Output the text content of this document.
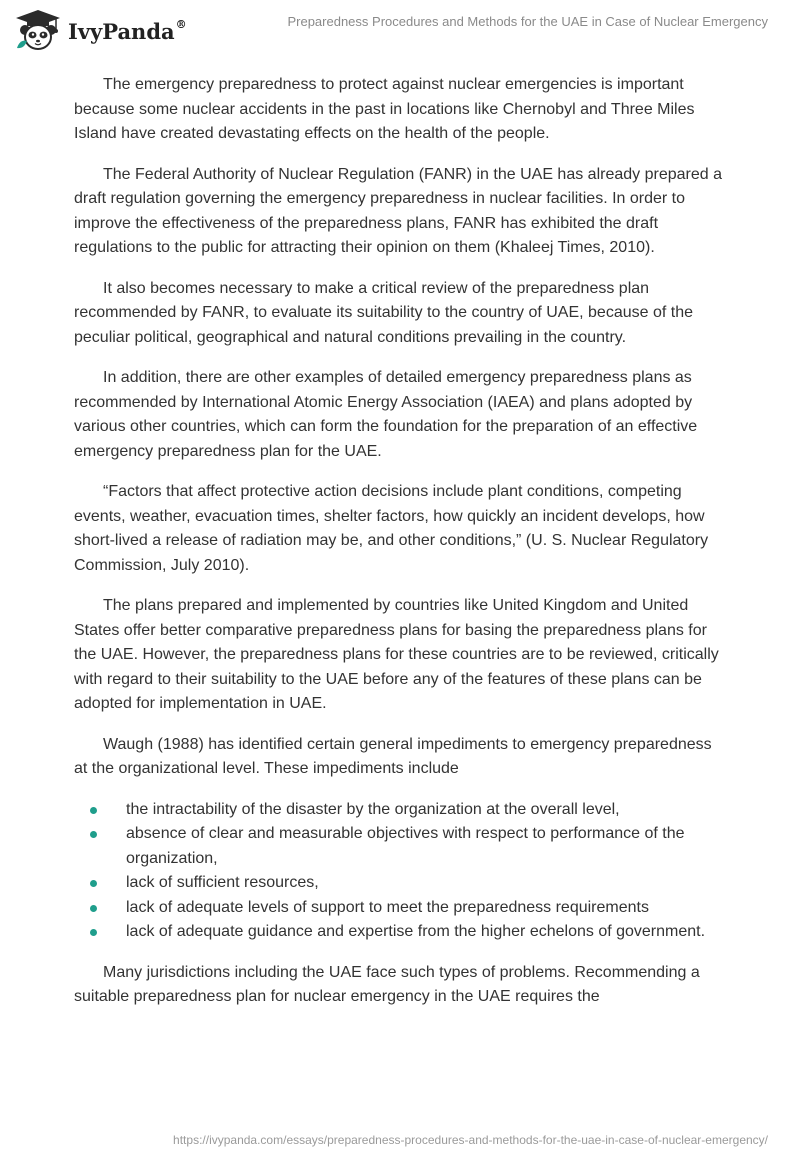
IvyPanda®	Preparedness Procedures and Methods for the UAE in Case of Nuclear Emergency

The emergency preparedness to protect against nuclear emergencies is important because some nuclear accidents in the past in locations like Chernobyl and Three Miles Island have created devastating effects on the health of the people.

The Federal Authority of Nuclear Regulation (FANR) in the UAE has already prepared a draft regulation governing the emergency preparedness in nuclear facilities. In order to improve the effectiveness of the preparedness plans, FANR has exhibited the draft regulations to the public for attracting their opinion on them (Khaleej Times, 2010).

It also becomes necessary to make a critical review of the preparedness plan recommended by FANR, to evaluate its suitability to the country of UAE, because of the peculiar political, geographical and natural conditions prevailing in the country.

In addition, there are other examples of detailed emergency preparedness plans as recommended by International Atomic Energy Association (IAEA) and plans adopted by various other countries, which can form the foundation for the preparation of an effective emergency preparedness plan for the UAE.

“Factors that affect protective action decisions include plant conditions, competing events, weather, evacuation times, shelter factors, how quickly an incident develops, how short-lived a release of radiation may be, and other conditions,” (U. S. Nuclear Regulatory Commission, July 2010).

The plans prepared and implemented by countries like United Kingdom and United States offer better comparative preparedness plans for basing the preparedness plans for the UAE. However, the preparedness plans for these countries are to be reviewed, critically with regard to their suitability to the UAE before any of the features of these plans can be adopted for implementation in UAE.

Waugh (1988) has identified certain general impediments to emergency preparedness at the organizational level. These impediments include

the intractability of the disaster by the organization at the overall level,
absence of clear and measurable objectives with respect to performance of the organization,
lack of sufficient resources,
lack of adequate levels of support to meet the preparedness requirements
lack of adequate guidance and expertise from the higher echelons of government.

Many jurisdictions including the UAE face such types of problems. Recommending a suitable preparedness plan for nuclear emergency in the UAE requires the

https://ivypanda.com/essays/preparedness-procedures-and-methods-for-the-uae-in-case-of-nuclear-emergency/
